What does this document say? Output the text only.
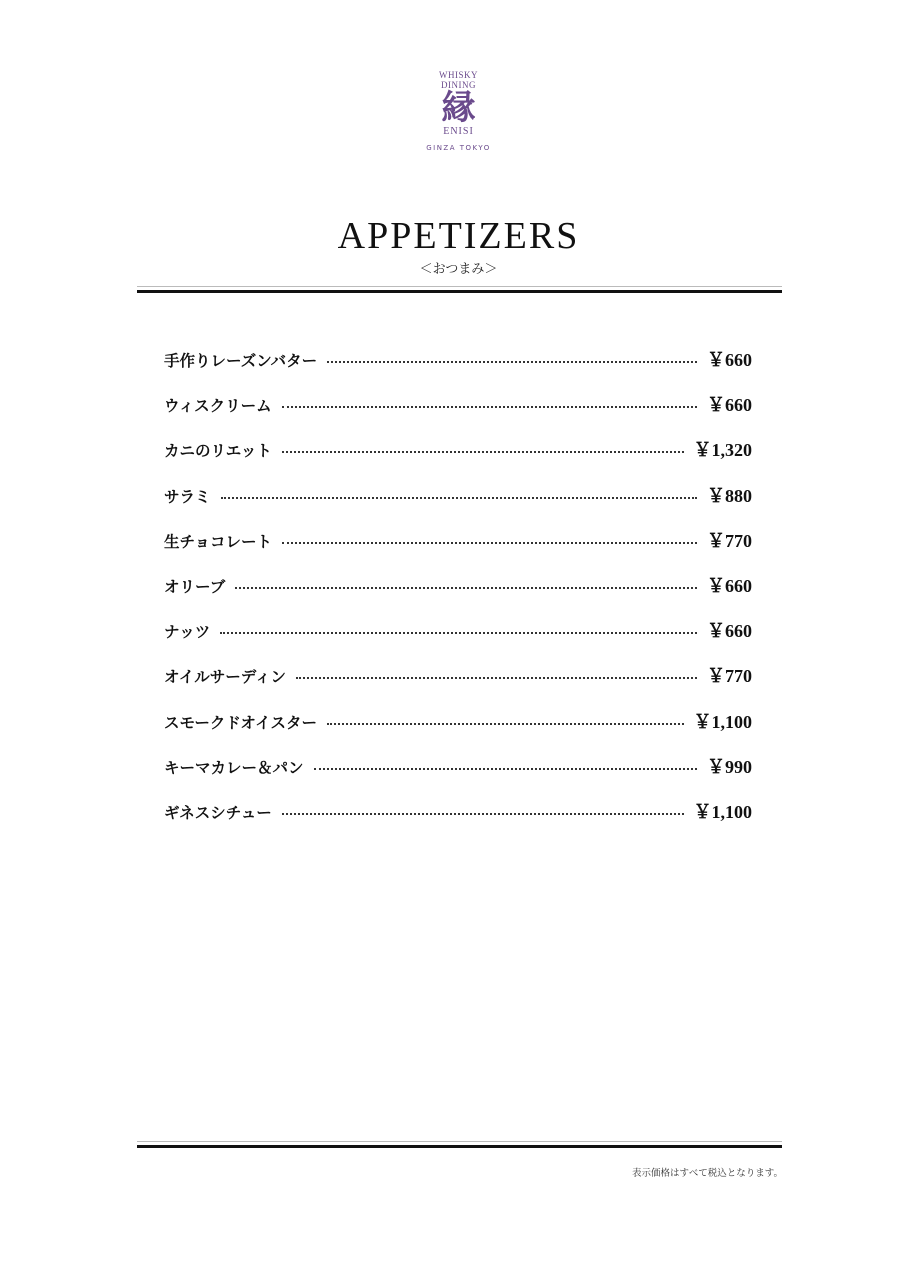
WHISKY
DINING
縁
ENISI
GINZA TOKYO
APPETIZERS
＜おつまみ＞
手作りレーズンバター	￥660
ウィスクリーム	￥660
カニのリエット	￥1,320
サラミ	￥880
生チョコレート	￥770
オリーブ	￥660
ナッツ	￥660
オイルサーディン	￥770
スモークドオイスター	￥1,100
キーマカレー＆パン	￥990
ギネスシチュー	￥1,100
表示価格はすべて税込となります。
